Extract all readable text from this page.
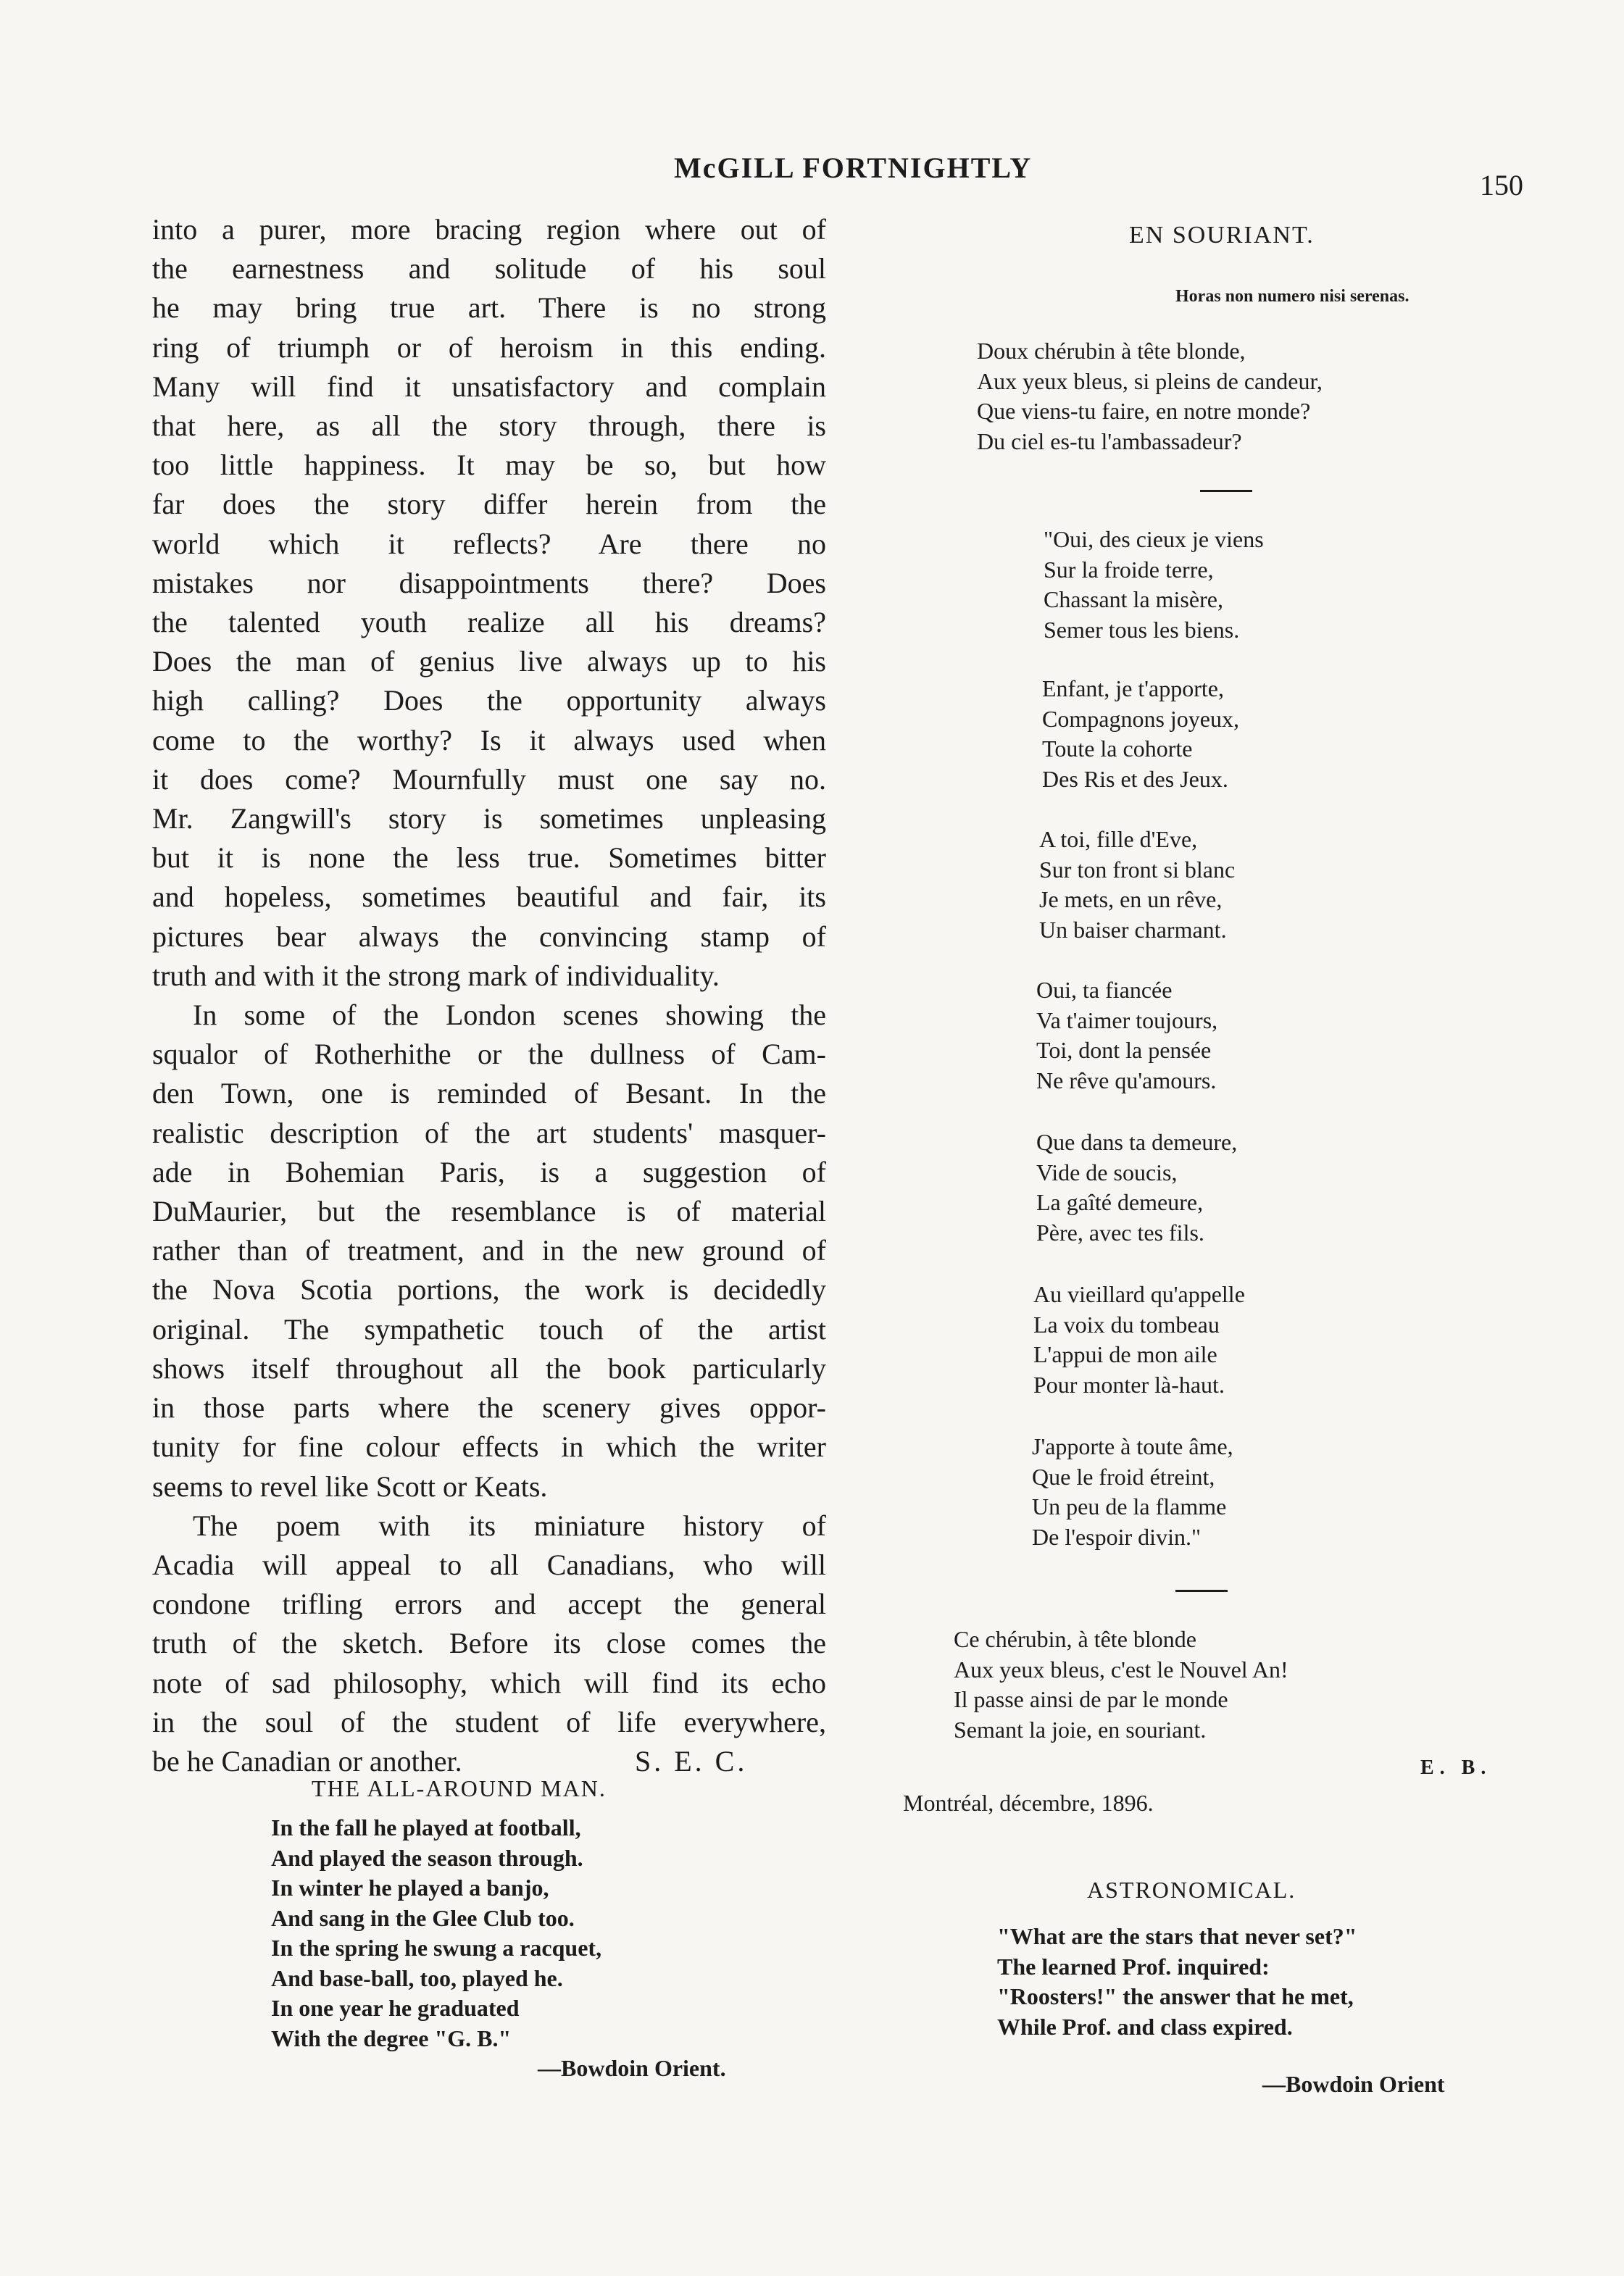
McGILL FORTNIGHTLY
150

into a purer, more bracing region where out of
the earnestness and solitude of his soul
he may bring true art. There is no strong
ring of triumph or of heroism in this ending.
Many will find it unsatisfactory and complain
that here, as all the story through, there is
too little happiness. It may be so, but how
far does the story differ herein from the
world which it reflects? Are there no
mistakes nor disappointments there? Does
the talented youth realize all his dreams?
Does the man of genius live always up to his
high calling? Does the opportunity always
come to the worthy? Is it always used when
it does come? Mournfully must one say no.
Mr. Zangwill's story is sometimes unpleasing
but it is none the less true. Sometimes bitter
and hopeless, sometimes beautiful and fair, its
pictures bear always the convincing stamp of
truth and with it the strong mark of individuality.

In some of the London scenes showing the
squalor of Rotherhithe or the dullness of Cam-
den Town, one is reminded of Besant. In the
realistic description of the art students' masquer-
ade in Bohemian Paris, is a suggestion of
DuMaurier, but the resemblance is of material
rather than of treatment, and in the new ground of
the Nova Scotia portions, the work is decidedly
original. The sympathetic touch of the artist
shows itself throughout all the book particularly
in those parts where the scenery gives oppor-
tunity for fine colour effects in which the writer
seems to revel like Scott or Keats.

The poem with its miniature history of
Acadia will appeal to all Canadians, who will
condone trifling errors and accept the general
truth of the sketch. Before its close comes the
note of sad philosophy, which will find its echo
in the soul of the student of life everywhere,
be he Canadian or another.	S. E. C.

THE ALL-AROUND MAN.
In the fall he played at football,
And played the season through.
In winter he played a banjo,
And sang in the Glee Club too.
In the spring he swung a racquet,
And base-ball, too, played he.
In one year he graduated
With the degree "G. B."
—Bowdoin Orient.
EN SOURIANT.
Horas non numero nisi serenas.
Doux chérubin à tête blonde,
Aux yeux bleus, si pleins de candeur,
Que viens-tu faire, en notre monde?
Du ciel es-tu l'ambassadeur?
"Oui, des cieux je viens
Sur la froide terre,
Chassant la misère,
Semer tous les biens.
Enfant, je t'apporte,
Compagnons joyeux,
Toute la cohorte
Des Ris et des Jeux.
A toi, fille d'Eve,
Sur ton front si blanc
Je mets, en un rêve,
Un baiser charmant.
Oui, ta fiancée
Va t'aimer toujours,
Toi, dont la pensée
Ne rêve qu'amours.
Que dans ta demeure,
Vide de soucis,
La gaîté demeure,
Père, avec tes fils.
Au vieillard qu'appelle
La voix du tombeau
L'appui de mon aile
Pour monter là-haut.
J'apporte à toute âme,
Que le froid étreint,
Un peu de la flamme
De l'espoir divin."
Ce chérubin, à tête blonde
Aux yeux bleus, c'est le Nouvel An!
Il passe ainsi de par le monde
Semant la joie, en souriant.
E. B.
Montréal, décembre, 1896.
ASTRONOMICAL.
"What are the stars that never set?"
The learned Prof. inquired:
"Roosters!" the answer that he met,
While Prof. and class expired.
—Bowdoin Orient
